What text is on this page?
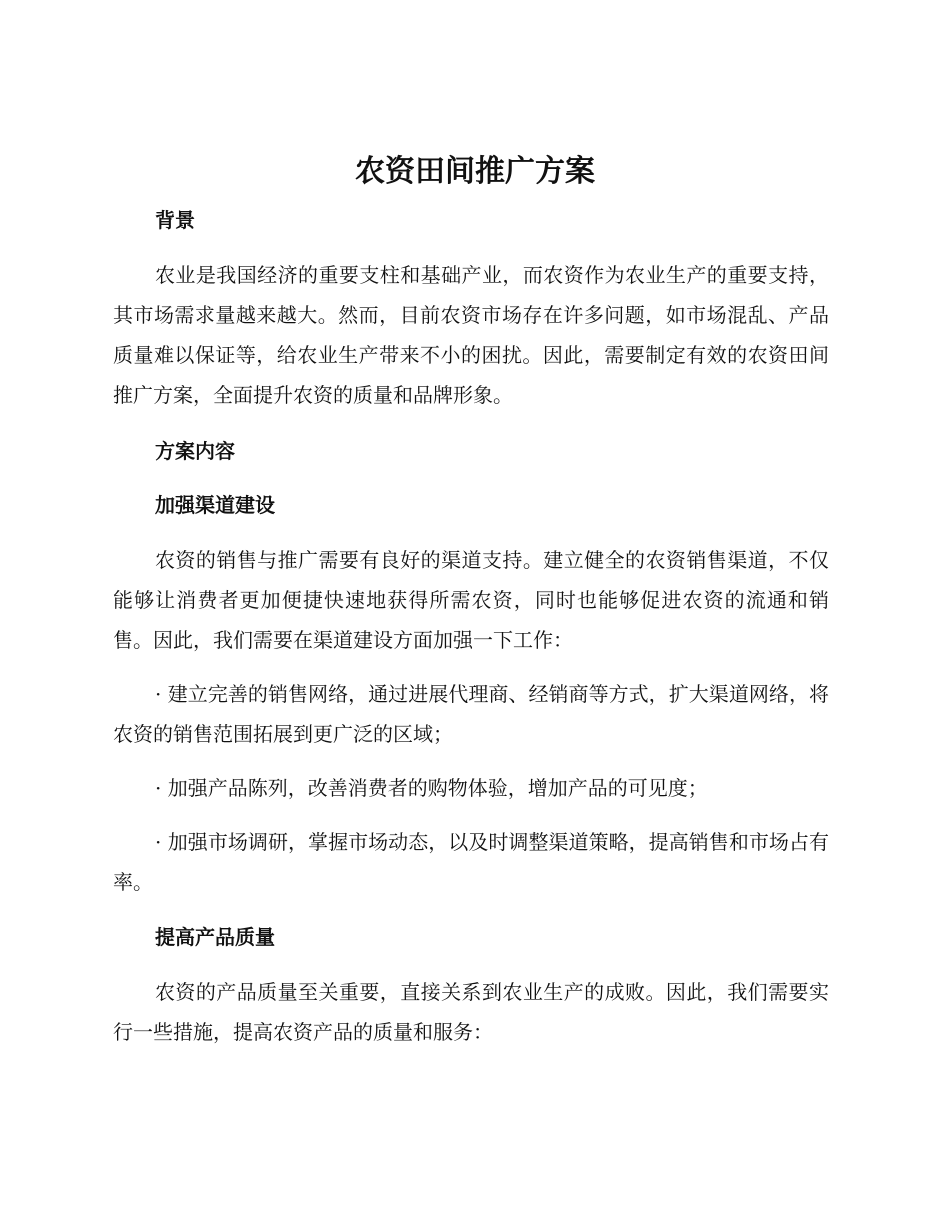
农资田间推广方案
背景

农业是我国经济的重要支柱和基础产业，而农资作为农业生产的重要支持，其市场需求量越来越大。然而，目前农资市场存在许多问题，如市场混乱、产品质量难以保证等，给农业生产带来不小的困扰。因此，需要制定有效的农资田间推广方案，全面提升农资的质量和品牌形象。

方案内容
加强渠道建设

农资的销售与推广需要有良好的渠道支持。建立健全的农资销售渠道，不仅能够让消费者更加便捷快速地获得所需农资，同时也能够促进农资的流通和销售。因此，我们需要在渠道建设方面加强一下工作：

· 建立完善的销售网络，通过进展代理商、经销商等方式，扩大渠道网络，将农资的销售范围拓展到更广泛的区域；

· 加强产品陈列，改善消费者的购物体验，增加产品的可见度；

· 加强市场调研，掌握市场动态，以及时调整渠道策略，提高销售和市场占有率。

提高产品质量

农资的产品质量至关重要，直接关系到农业生产的成败。因此，我们需要实行一些措施，提高农资产品的质量和服务：
